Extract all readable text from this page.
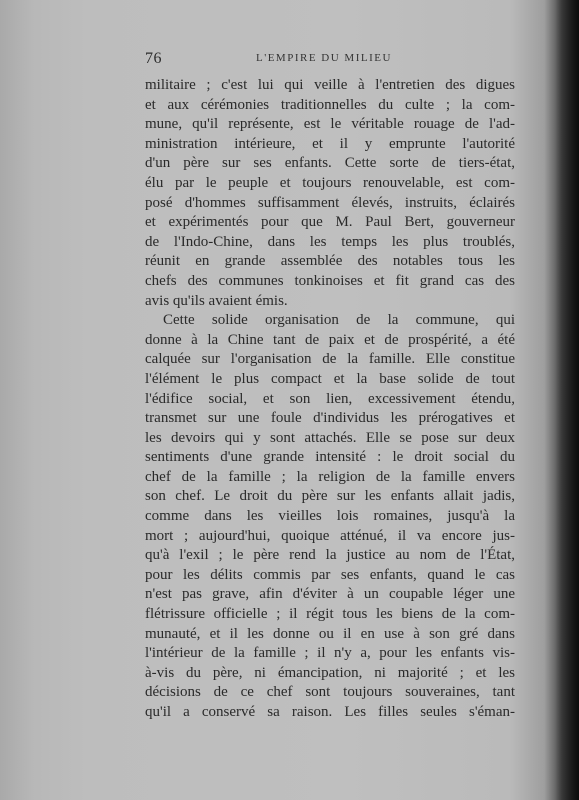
76	L'EMPIRE DU MILIEU

militaire ; c'est lui qui veille à l'entretien des digues

et aux cérémonies traditionnelles du culte ; la com-

mune, qu'il représente, est le véritable rouage de l'ad-

ministration intérieure, et il y emprunte l'autorité

d'un père sur ses enfants. Cette sorte de tiers-état,

élu par le peuple et toujours renouvelable, est com-

posé d'hommes suffisamment élevés, instruits, éclairés

et expérimentés pour que M. Paul Bert, gouverneur

de l'Indo-Chine, dans les temps les plus troublés,

réunit en grande assemblée des notables tous les

chefs des communes tonkinoises et fit grand cas des

avis qu'ils avaient émis.

Cette solide organisation de la commune, qui

donne à la Chine tant de paix et de prospérité, a été

calquée sur l'organisation de la famille. Elle constitue

l'élément le plus compact et la base solide de tout

l'édifice social, et son lien, excessivement étendu,

transmet sur une foule d'individus les prérogatives et

les devoirs qui y sont attachés. Elle se pose sur deux

sentiments d'une grande intensité : le droit social du

chef de la famille ; la religion de la famille envers

son chef. Le droit du père sur les enfants allait jadis,

comme dans les vieilles lois romaines, jusqu'à la

mort ; aujourd'hui, quoique atténué, il va encore jus-

qu'à l'exil ; le père rend la justice au nom de l'État,

pour les délits commis par ses enfants, quand le cas

n'est pas grave, afin d'éviter à un coupable léger une

flétrissure officielle ; il régit tous les biens de la com-

munauté, et il les donne ou il en use à son gré dans

l'intérieur de la famille ; il n'y a, pour les enfants vis-

à-vis du père, ni émancipation, ni majorité ; et les

décisions de ce chef sont toujours souveraines, tant

qu'il a conservé sa raison. Les filles seules s'éman-
